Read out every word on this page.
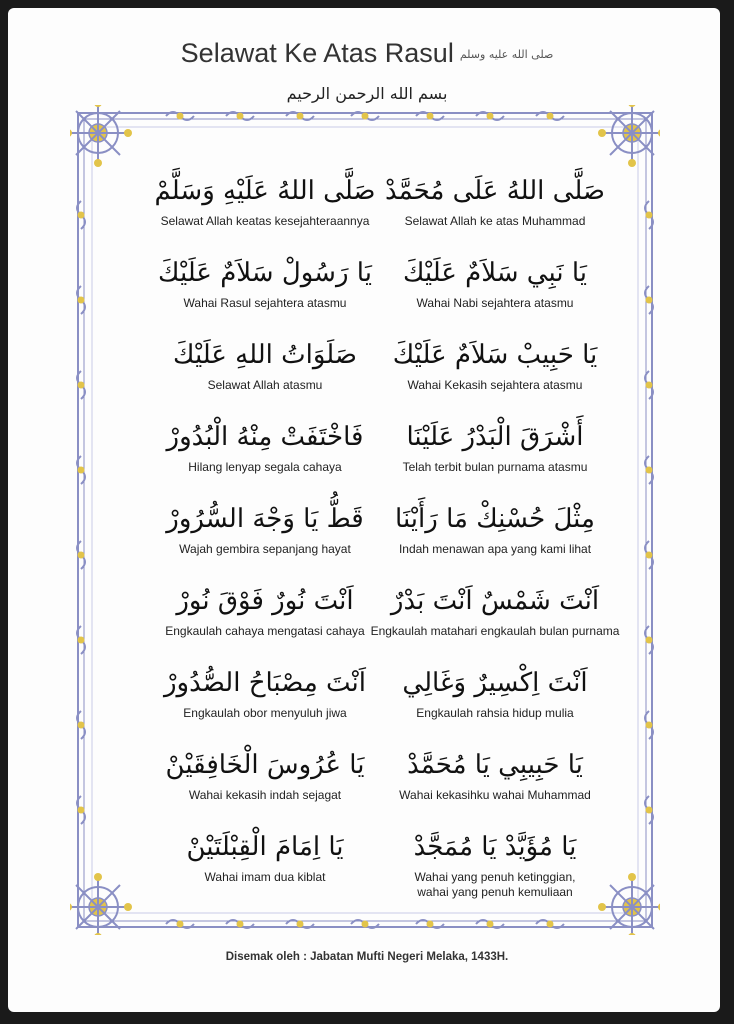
Selawat Ke Atas Rasul صلى الله عليه وسلم
بسم الله الرحمن الرحيم
صَلَّى اللهُ عَلَى مُحَمَّدْ
Selawat Allah ke atas Muhammad
صَلَّى اللهُ عَلَيْهِ وَسَلَّمْ
Selawat Allah keatas kesejahteraannya
يَا نَبِي سَلاَمٌ عَلَيْكَ
Wahai Nabi sejahtera atasmu
يَا رَسُولْ سَلاَمٌ عَلَيْكَ
Wahai Rasul sejahtera atasmu
يَا حَبِيبْ سَلاَمٌ عَلَيْكَ
Wahai Kekasih sejahtera atasmu
صَلَوَاتُ اللهِ عَلَيْكَ
Selawat Allah atasmu
أَشْرَقَ الْبَدْرُ عَلَيْنَا
Telah terbit bulan purnama atasmu
فَاخْتَفَتْ مِنْهُ الْبُدُورْ
Hilang lenyap segala cahaya
مِثْلَ حُسْنِكْ مَا رَأَيْنَا
Indah menawan apa yang kami lihat
قَطُّ يَا وَجْهَ السُّرُورْ
Wajah gembira sepanjang hayat
اَنْتَ شَمْسٌ اَنْتَ بَدْرٌ
Engkaulah matahari engkaulah bulan purnama
اَنْتَ نُورٌ فَوْقَ نُورْ
Engkaulah cahaya mengatasi cahaya
اَنْتَ اِكْسِيرٌ وَغَالِي
Engkaulah rahsia hidup mulia
اَنْتَ مِصْبَاحُ الصُّدُورْ
Engkaulah obor menyuluh jiwa
يَا حَبِيبِي يَا مُحَمَّدْ
Wahai kekasihku wahai Muhammad
يَا عُرُوسَ الْخَافِقَيْنْ
Wahai kekasih indah sejagat
يَا مُؤَيَّدْ يَا مُمَجَّدْ
Wahai yang penuh ketinggian,
wahai yang penuh kemuliaan
يَا اِمَامَ الْقِبْلَتَيْنْ
Wahai imam dua kiblat
Disemak oleh : Jabatan Mufti Negeri Melaka, 1433H.
